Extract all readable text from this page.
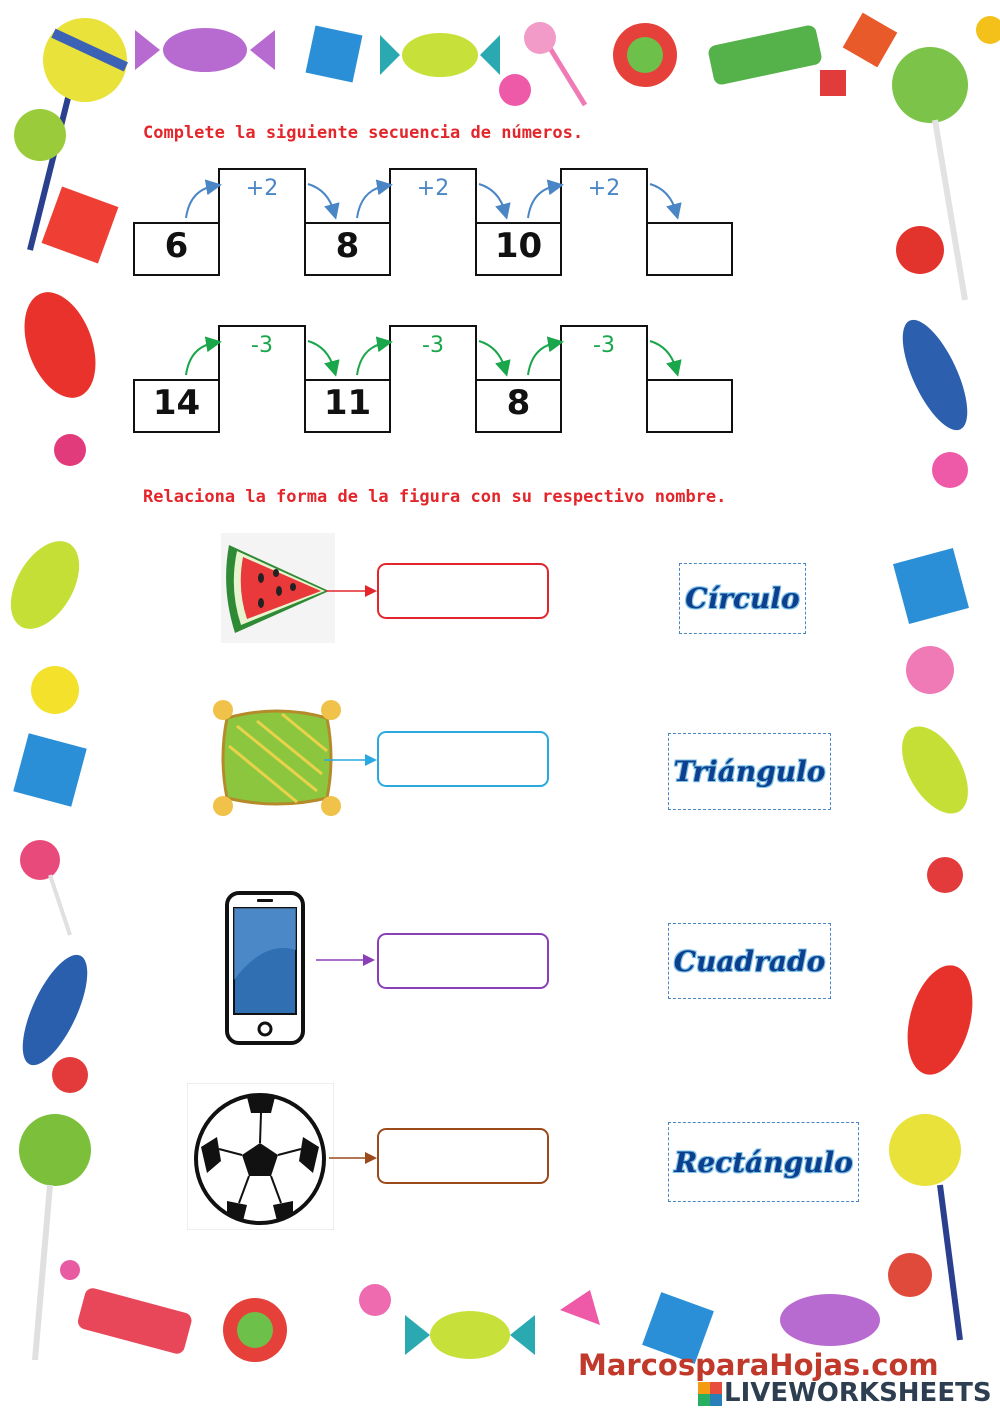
Complete la siguiente secuencia de números.
6	8	10
+2	+2	+2
14	11	8
-3	-3	-3
Relaciona la forma de la figura con su respectivo nombre.
Círculo
Triángulo
Cuadrado
Rectángulo
MarcosparaHojas.com
LIVEWORKSHEETS
